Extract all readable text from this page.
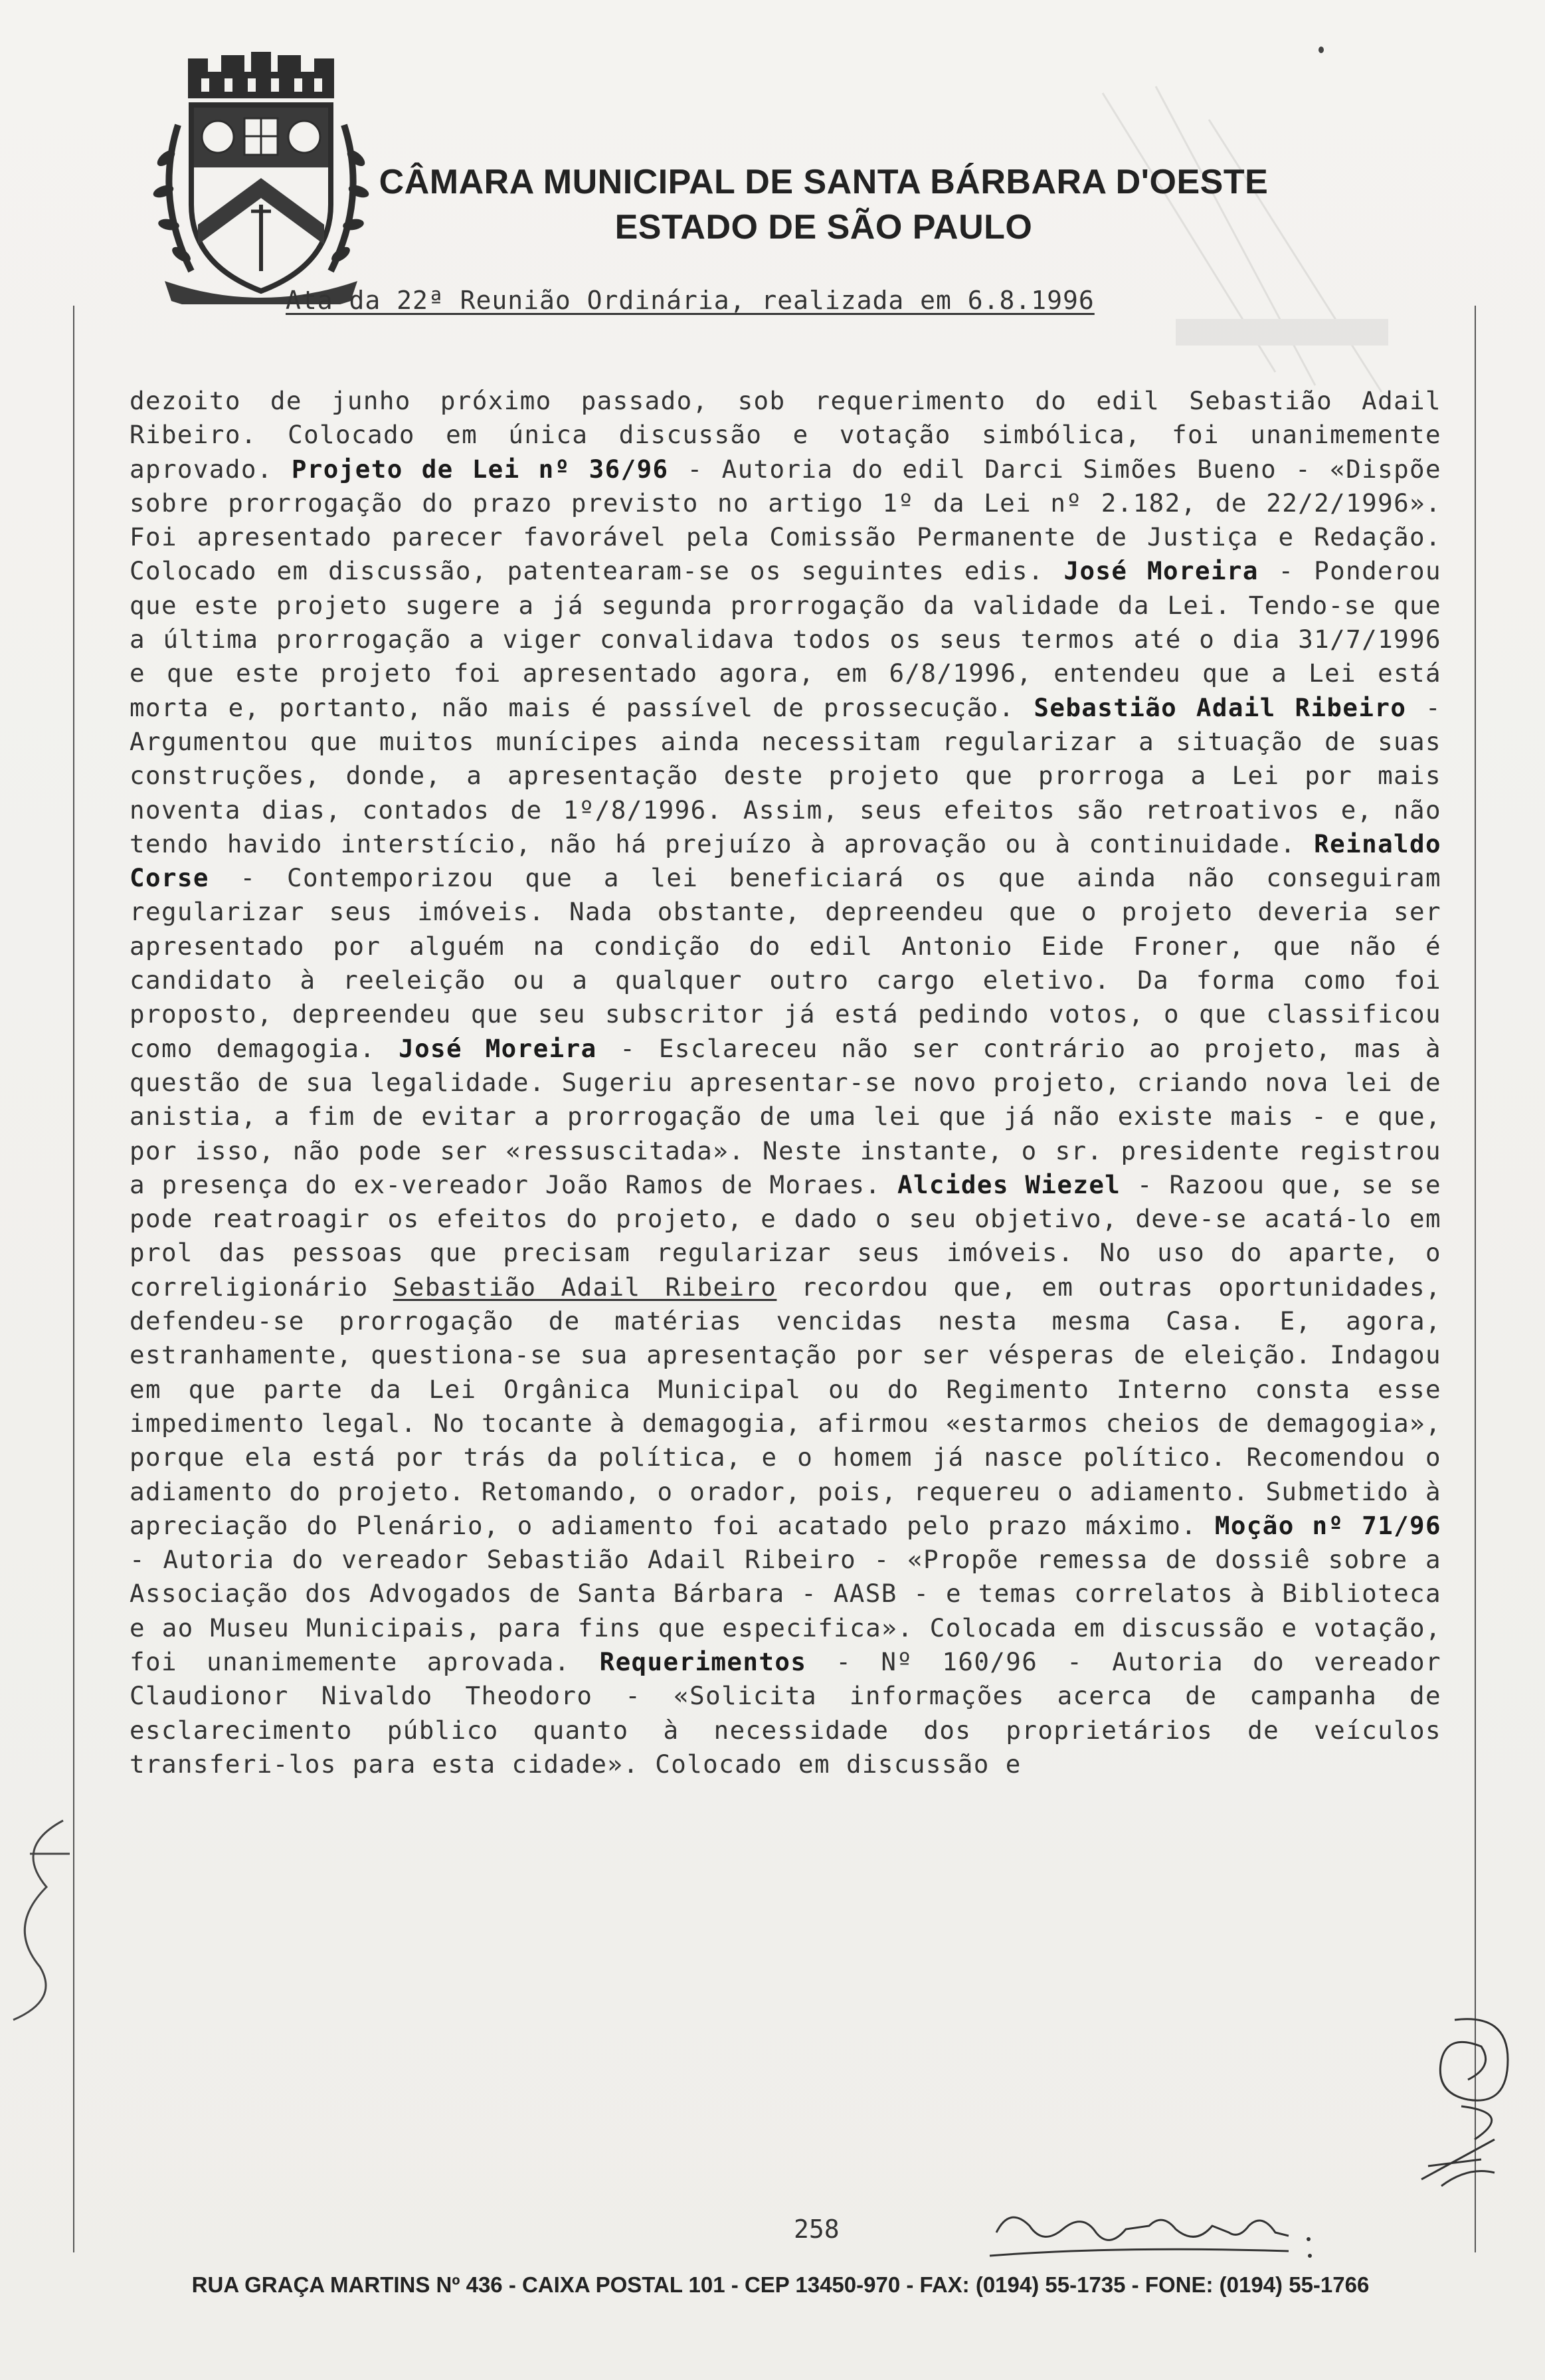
CÂMARA MUNICIPAL DE SANTA BÁRBARA D'OESTE
ESTADO DE SÃO PAULO
Ata da 22ª Reunião Ordinária, realizada em 6.8.1996
dezoito de junho próximo passado, sob requerimento do edil Sebastião Adail Ribeiro. Colocado em única discussão e votação simbólica, foi unanimemente aprovado. Projeto de Lei nº 36/96 - Autoria do edil Darci Simões Bueno - «Dispõe sobre prorrogação do prazo previsto no artigo 1º da Lei nº 2.182, de 22/2/1996». Foi apresentado parecer favorável pela Comissão Permanente de Justiça e Redação. Colocado em discussão, patentearam-se os seguintes edis. José Moreira - Ponderou que este projeto sugere a já segunda prorrogação da validade da Lei. Tendo-se que a última prorrogação a viger convalidava todos os seus termos até o dia 31/7/1996 e que este projeto foi apresentado agora, em 6/8/1996, entendeu que a Lei está morta e, portanto, não mais é passível de prossecução. Sebastião Adail Ribeiro - Argumentou que muitos munícipes ainda necessitam regularizar a situação de suas construções, donde, a apresentação deste projeto que prorroga a Lei por mais noventa dias, contados de 1º/8/1996. Assim, seus efeitos são retroativos e, não tendo havido interstício, não há prejuízo à aprovação ou à continuidade. Reinaldo Corse - Contemporizou que a lei beneficiará os que ainda não conseguiram regularizar seus imóveis. Nada obstante, depreendeu que o projeto deveria ser apresentado por alguém na condição do edil Antonio Eide Froner, que não é candidato à reeleição ou a qualquer outro cargo eletivo. Da forma como foi proposto, depreendeu que seu subscritor já está pedindo votos, o que classificou como demagogia. José Moreira - Esclareceu não ser contrário ao projeto, mas à questão de sua legalidade. Sugeriu apresentar-se novo projeto, criando nova lei de anistia, a fim de evitar a prorrogação de uma lei que já não existe mais - e que, por isso, não pode ser «ressuscitada». Neste instante, o sr. presidente registrou a presença do ex-vereador João Ramos de Moraes. Alcides Wiezel - Razoou que, se se pode reatroagir os efeitos do projeto, e dado o seu objetivo, deve-se acatá-lo em prol das pessoas que precisam regularizar seus imóveis. No uso do aparte, o correligionário Sebastião Adail Ribeiro recordou que, em outras oportunidades, defendeu-se prorrogação de matérias vencidas nesta mesma Casa. E, agora, estranhamente, questiona-se sua apresentação por ser vésperas de eleição. Indagou em que parte da Lei Orgânica Municipal ou do Regimento Interno consta esse impedimento legal. No tocante à demagogia, afirmou «estarmos cheios de demagogia», porque ela está por trás da política, e o homem já nasce político. Recomendou o adiamento do projeto. Retomando, o orador, pois, requereu o adiamento. Submetido à apreciação do Plenário, o adiamento foi acatado pelo prazo máximo. Moção nº 71/96 - Autoria do vereador Sebastião Adail Ribeiro - «Propõe remessa de dossiê sobre a Associação dos Advogados de Santa Bárbara - AASB - e temas correlatos à Biblioteca e ao Museu Municipais, para fins que especifica». Colocada em discussão e votação, foi unanimemente aprovada. Requerimentos - Nº 160/96 - Autoria do vereador Claudionor Nivaldo Theodoro - «Solicita informações acerca de campanha de esclarecimento público quanto à necessidade dos proprietários de veículos transferi-los para esta cidade». Colocado em discussão e
258
RUA GRAÇA MARTINS Nº 436 - CAIXA POSTAL 101 - CEP 13450-970 - FAX: (0194) 55-1735 - FONE: (0194) 55-1766
